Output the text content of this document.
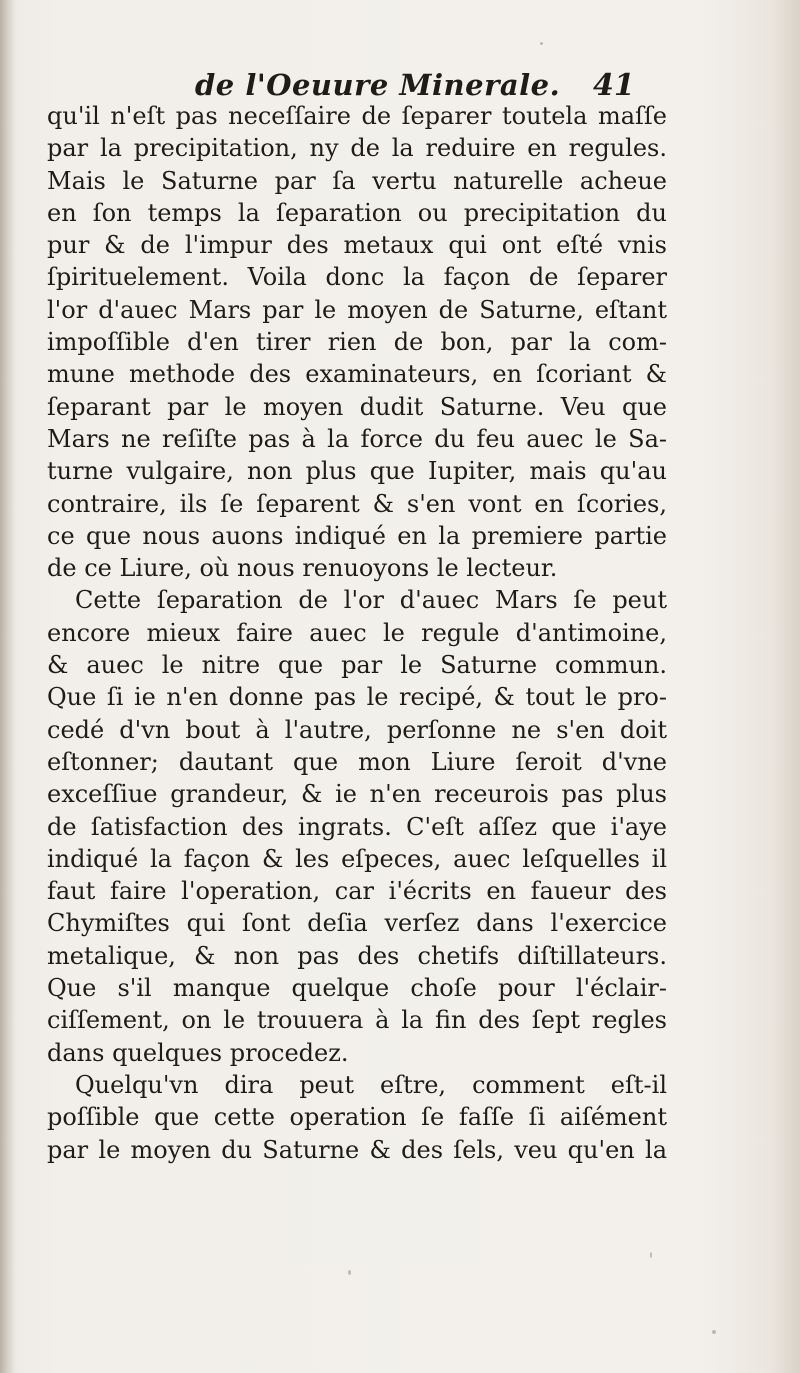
de l'Oeuure Minerale. 41
qu'il n'eſt pas neceſſaire de ſeparer toutela maſſe
par la precipitation, ny de la reduire en regules.
Mais le Saturne par ſa vertu naturelle acheue
en ſon temps la ſeparation ou precipitation du
pur & de l'impur des metaux qui ont eſté vnis
ſpirituelement. Voila donc la façon de ſeparer
l'or d'auec Mars par le moyen de Saturne, eſtant
impoſſible d'en tirer rien de bon, par la com-
mune methode des examinateurs, en ſcoriant &
ſeparant par le moyen dudit Saturne. Veu que
Mars ne reſiſte pas à la force du feu auec le Sa-
turne vulgaire, non plus que Iupiter, mais qu'au
contraire, ils ſe ſeparent & s'en vont en ſcories,
ce que nous auons indiqué en la premiere partie
de ce Liure, où nous renuoyons le lecteur.
Cette ſeparation de l'or d'auec Mars ſe peut
encore mieux faire auec le regule d'antimoine,
& auec le nitre que par le Saturne commun.
Que ſi ie n'en donne pas le recipé, & tout le pro-
cedé d'vn bout à l'autre, perſonne ne s'en doit
eſtonner; dautant que mon Liure ſeroit d'vne
exceſſiue grandeur, & ie n'en receurois pas plus
de ſatisfaction des ingrats. C'eſt aſſez que i'aye
indiqué la façon & les eſpeces, auec leſquelles il
faut faire l'operation, car i'écrits en faueur des
Chymiſtes qui ſont deſia verſez dans l'exercice
metalique, & non pas des chetifs diſtillateurs.
Que s'il manque quelque choſe pour l'éclair-
ciſſement, on le trouuera à la fin des ſept regles
dans quelques procedez.
Quelqu'vn dira peut eſtre, comment eſt-il
poſſible que cette operation ſe faſſe ſi aiſément
par le moyen du Saturne & des ſels, veu qu'en la
